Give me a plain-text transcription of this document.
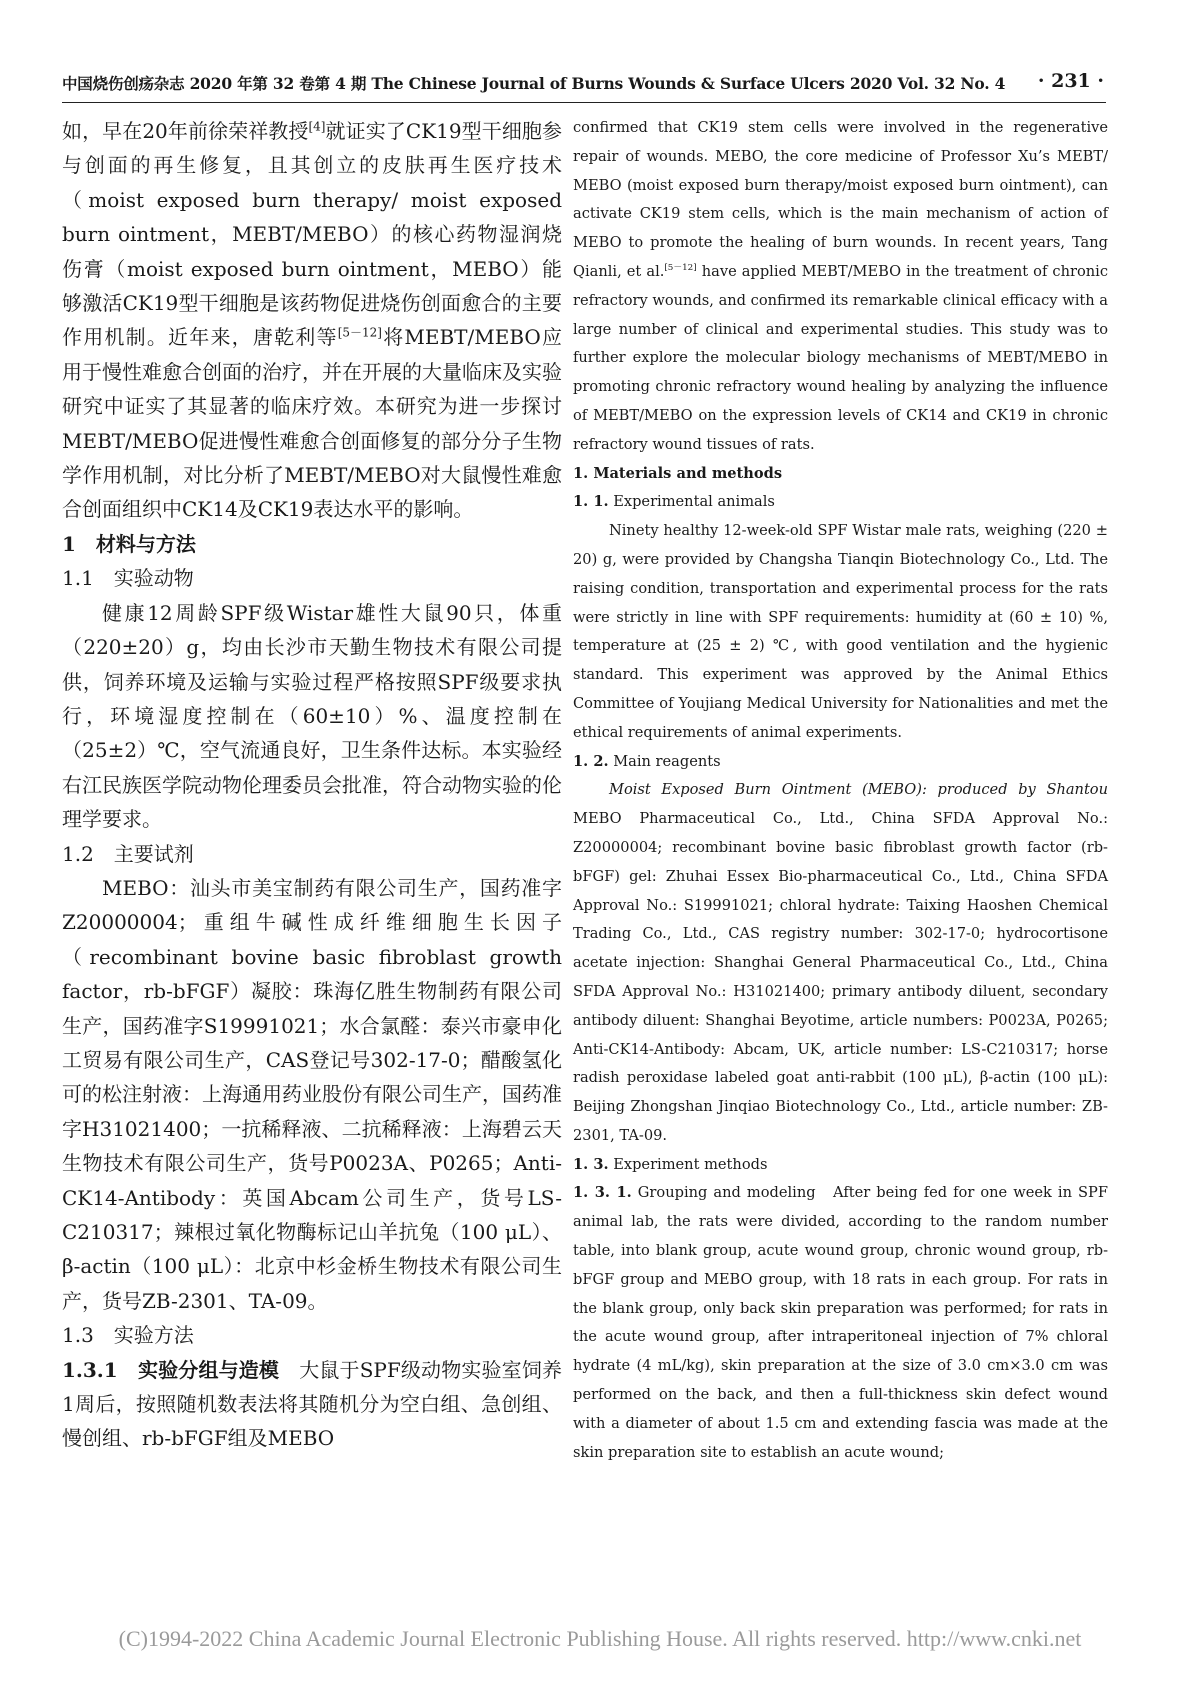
中国烧伤创疡杂志 2020 年第 32 卷第 4 期 The Chinese Journal of Burns Wounds & Surface Ulcers 2020 Vol. 32 No. 4 · 231 ·

如，早在20年前徐荣祥教授[4]就证实了CK19型干细胞参与创面的再生修复，且其创立的皮肤再生医疗技术（moist exposed burn therapy/ moist exposed burn ointment，MEBT/MEBO）的核心药物湿润烧伤膏（moist exposed burn ointment，MEBO）能够激活CK19型干细胞是该药物促进烧伤创面愈合的主要作用机制。近年来，唐乾利等[5－12]将MEBT/MEBO应用于慢性难愈合创面的治疗，并在开展的大量临床及实验研究中证实了其显著的临床疗效。本研究为进一步探讨MEBT/MEBO促进慢性难愈合创面修复的部分分子生物学作用机制，对比分析了MEBT/MEBO对大鼠慢性难愈合创面组织中CK14及CK19表达水平的影响。

1　材料与方法

1.1　实验动物

健康12周龄SPF级Wistar雄性大鼠90只，体重（220±20）g，均由长沙市天勤生物技术有限公司提供，饲养环境及运输与实验过程严格按照SPF级要求执行，环境湿度控制在（60±10）%、温度控制在（25±2）℃，空气流通良好，卫生条件达标。本实验经右江民族医学院动物伦理委员会批准，符合动物实验的伦理学要求。

1.2　主要试剂

MEBO：汕头市美宝制药有限公司生产，国药准字Z20000004；重组牛碱性成纤维细胞生长因子（recombinant bovine basic fibroblast growth factor，rb-bFGF）凝胶：珠海亿胜生物制药有限公司生产，国药准字S19991021；水合氯醛：泰兴市豪申化工贸易有限公司生产，CAS登记号302-17-0；醋酸氢化可的松注射液：上海通用药业股份有限公司生产，国药准字H31021400；一抗稀释液、二抗稀释液：上海碧云天生物技术有限公司生产，货号P0023A、P0265；Anti-CK14-Antibody：英国Abcam公司生产，货号LS-C210317；辣根过氧化物酶标记山羊抗兔（100 μL）、β-actin（100 μL）：北京中杉金桥生物技术有限公司生产，货号ZB-2301、TA-09。

1.3　实验方法

1.3.1　实验分组与造模　大鼠于SPF级动物实验室饲养1周后，按照随机数表法将其随机分为空白组、急创组、慢创组、rb-bFGF组及MEBO

confirmed that CK19 stem cells were involved in the regenerative repair of wounds. MEBO, the core medicine of Professor Xu’s MEBT/ MEBO (moist exposed burn therapy/moist exposed burn ointment), can activate CK19 stem cells, which is the main mechanism of action of MEBO to promote the healing of burn wounds. In recent years, Tang Qianli, et al.[5－12] have applied MEBT/MEBO in the treatment of chronic refractory wounds, and confirmed its remarkable clinical efficacy with a large number of clinical and experimental studies. This study was to further explore the molecular biology mechanisms of MEBT/MEBO in promoting chronic refractory wound healing by analyzing the influence of MEBT/MEBO on the expression levels of CK14 and CK19 in chronic refractory wound tissues of rats.

1. Materials and methods

1. 1. Experimental animals

Ninety healthy 12-week-old SPF Wistar male rats, weighing (220 ± 20) g, were provided by Changsha Tianqin Biotechnology Co., Ltd. The raising condition, transportation and experimental process for the rats were strictly in line with SPF requirements: humidity at (60 ± 10) %, temperature at (25 ± 2) ℃, with good ventilation and the hygienic standard. This experiment was approved by the Animal Ethics Committee of Youjiang Medical University for Nationalities and met the ethical requirements of animal experiments.

1. 2. Main reagents

Moist Exposed Burn Ointment (MEBO): produced by Shantou MEBO Pharmaceutical Co., Ltd., China SFDA Approval No.: Z20000004; recombinant bovine basic fibroblast growth factor (rb-bFGF) gel: Zhuhai Essex Bio-pharmaceutical Co., Ltd., China SFDA Approval No.: S19991021; chloral hydrate: Taixing Haoshen Chemical Trading Co., Ltd., CAS registry number: 302-17-0; hydrocortisone acetate injection: Shanghai General Pharmaceutical Co., Ltd., China SFDA Approval No.: H31021400; primary antibody diluent, secondary antibody diluent: Shanghai Beyotime, article numbers: P0023A, P0265; Anti-CK14-Antibody: Abcam, UK, article number: LS-C210317; horse radish peroxidase labeled goat anti-rabbit (100 μL), β-actin (100 μL): Beijing Zhongshan Jinqiao Biotechnology Co., Ltd., article number: ZB-2301, TA-09.

1. 3. Experiment methods

1. 3. 1. Grouping and modeling　After being fed for one week in SPF animal lab, the rats were divided, according to the random number table, into blank group, acute wound group, chronic wound group, rb-bFGF group and MEBO group, with 18 rats in each group. For rats in the blank group, only back skin preparation was performed; for rats in the acute wound group, after intraperitoneal injection of 7% chloral hydrate (4 mL/kg), skin preparation at the size of 3.0 cm×3.0 cm was performed on the back, and then a full-thickness skin defect wound with a diameter of about 1.5 cm and extending fascia was made at the skin preparation site to establish an acute wound;

(C)1994-2022 China Academic Journal Electronic Publishing House. All rights reserved. http://www.cnki.net
